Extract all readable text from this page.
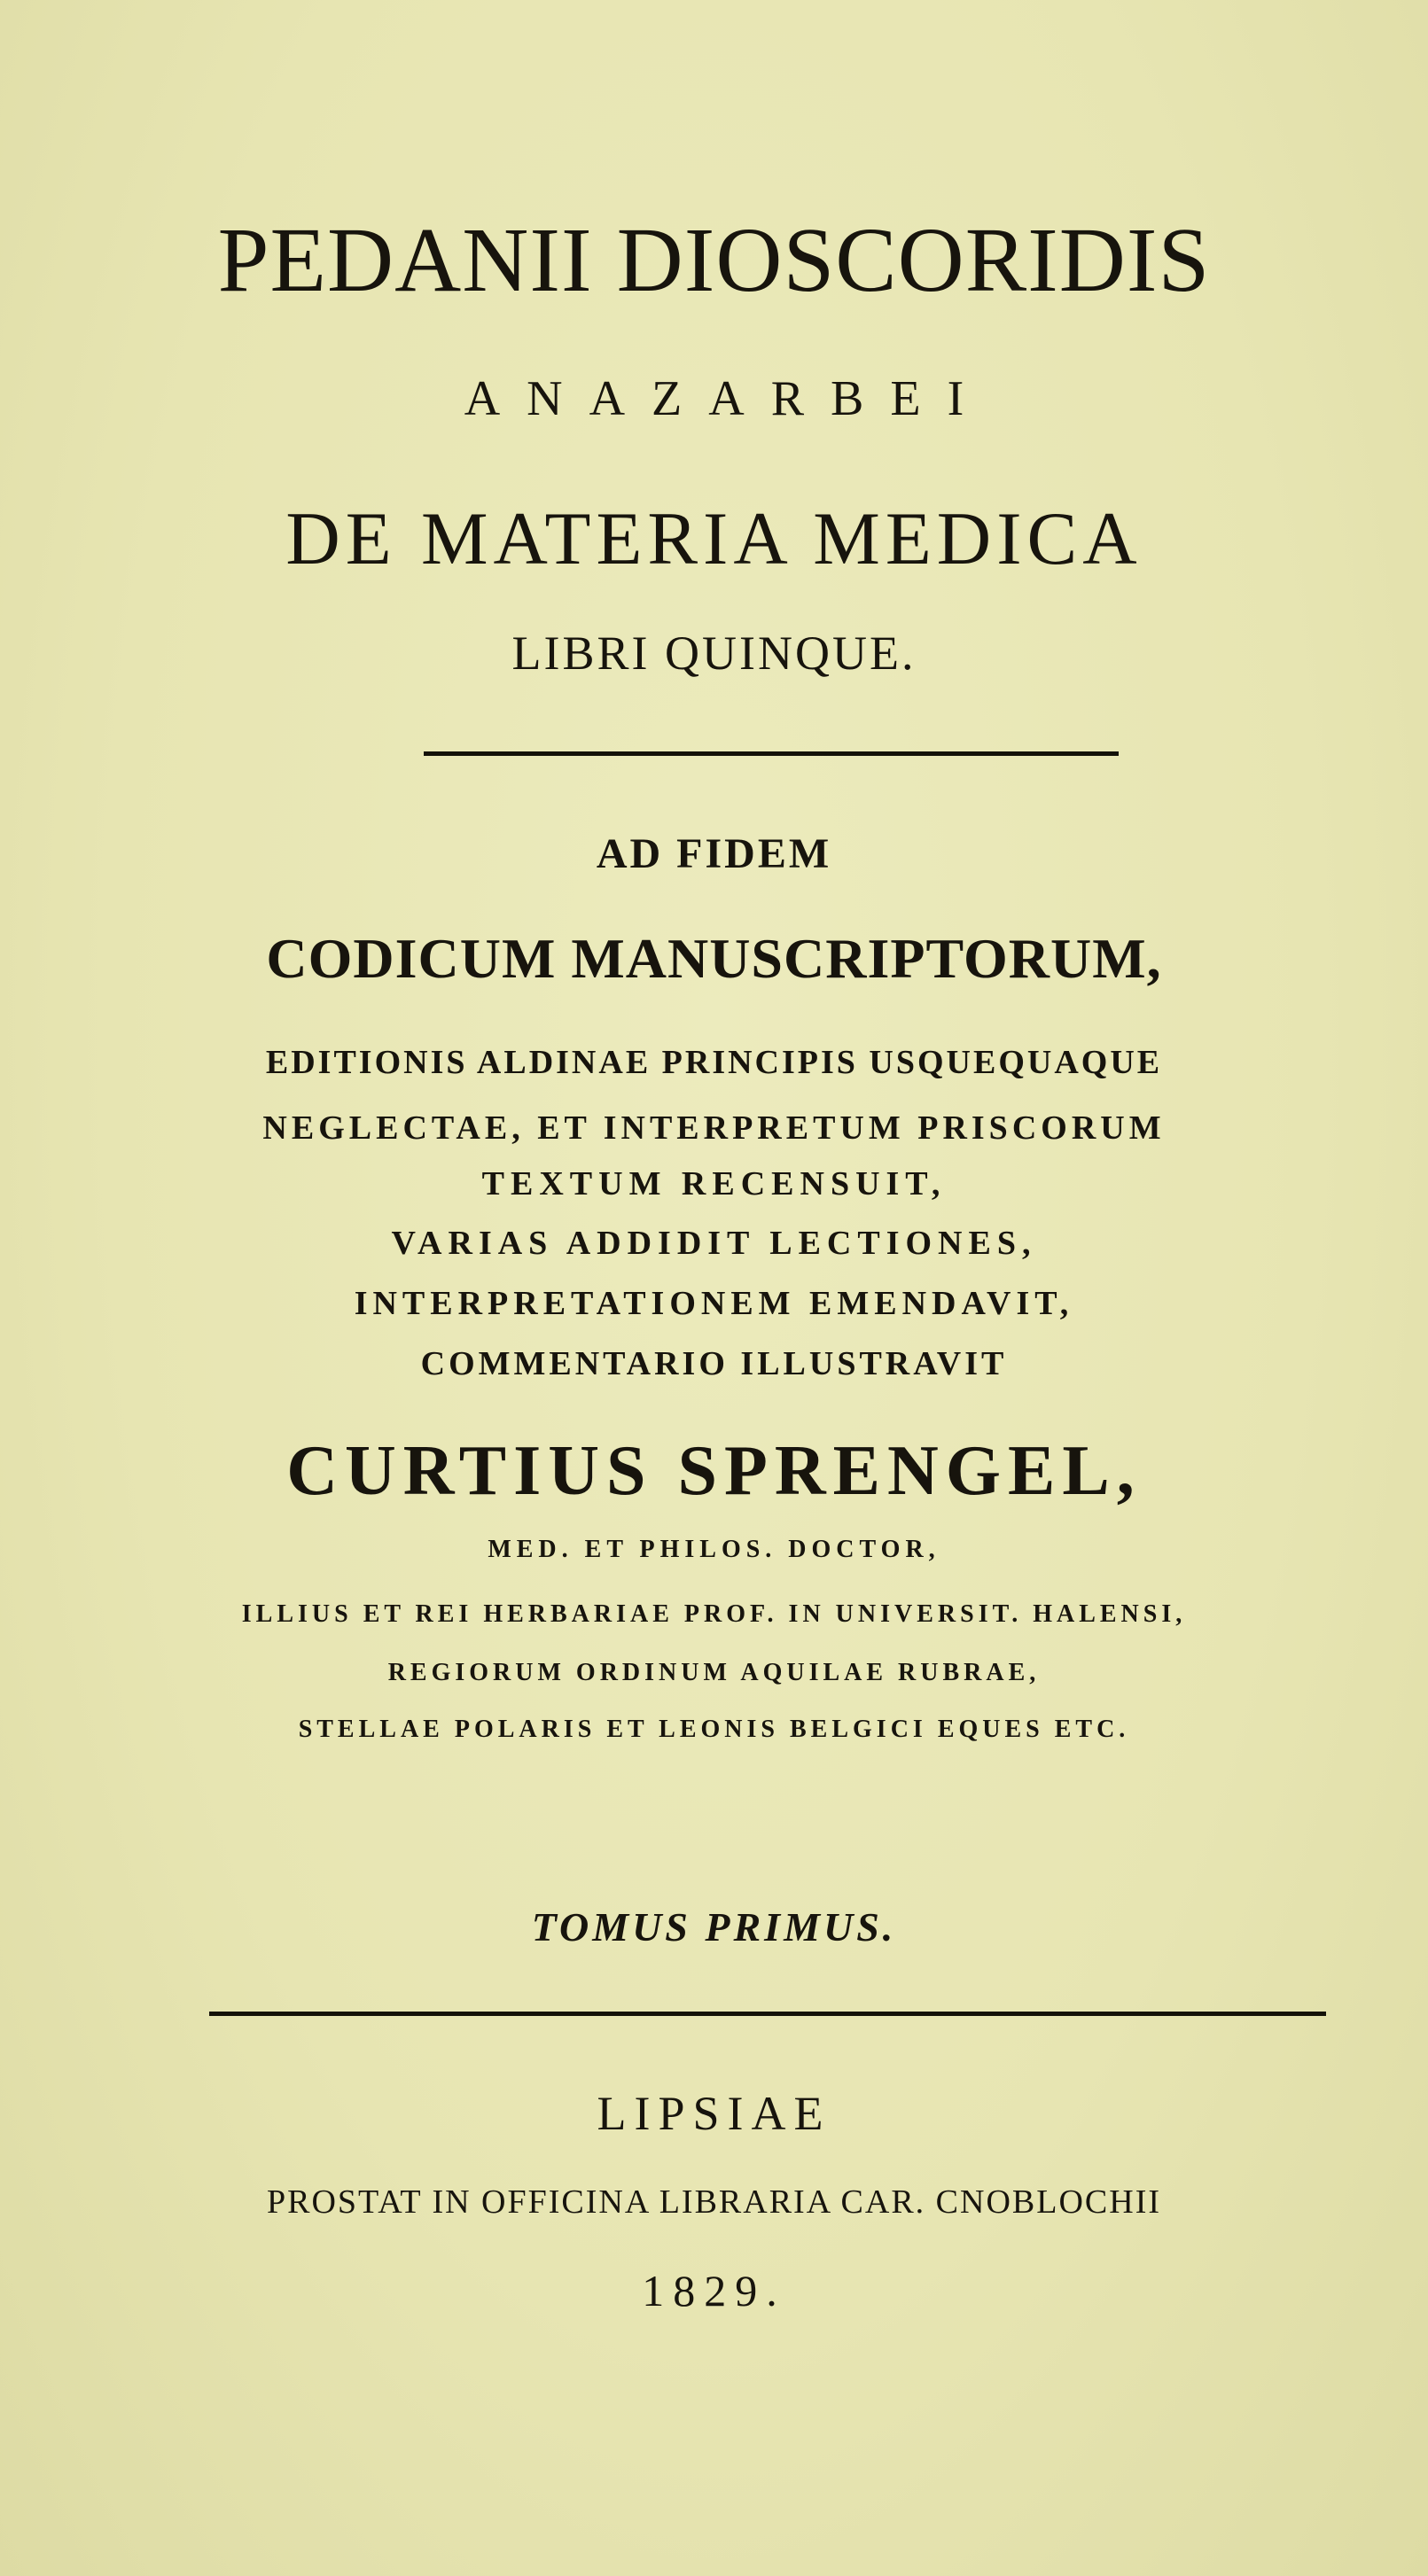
PEDANII DIOSCORIDIS
ANAZARBEI
DE MATERIA MEDICA
LIBRI QUINQUE.
AD FIDEM
CODICUM MANUSCRIPTORUM,
EDITIONIS ALDINAE PRINCIPIS USQUEQUAQUE
NEGLECTAE, ET INTERPRETUM PRISCORUM
TEXTUM RECENSUIT,
VARIAS ADDIDIT LECTIONES,
INTERPRETATIONEM EMENDAVIT,
COMMENTARIO ILLUSTRAVIT
CURTIUS SPRENGEL,
MED. ET PHILOS. DOCTOR,
ILLIUS ET REI HERBARIAE PROF. IN UNIVERSIT. HALENSI,
REGIORUM ORDINUM AQUILAE RUBRAE,
STELLAE POLARIS ET LEONIS BELGICI EQUES ETC.
TOMUS PRIMUS.
LIPSIAE
PROSTAT IN OFFICINA LIBRARIA CAR. CNOBLOCHII
1829.
